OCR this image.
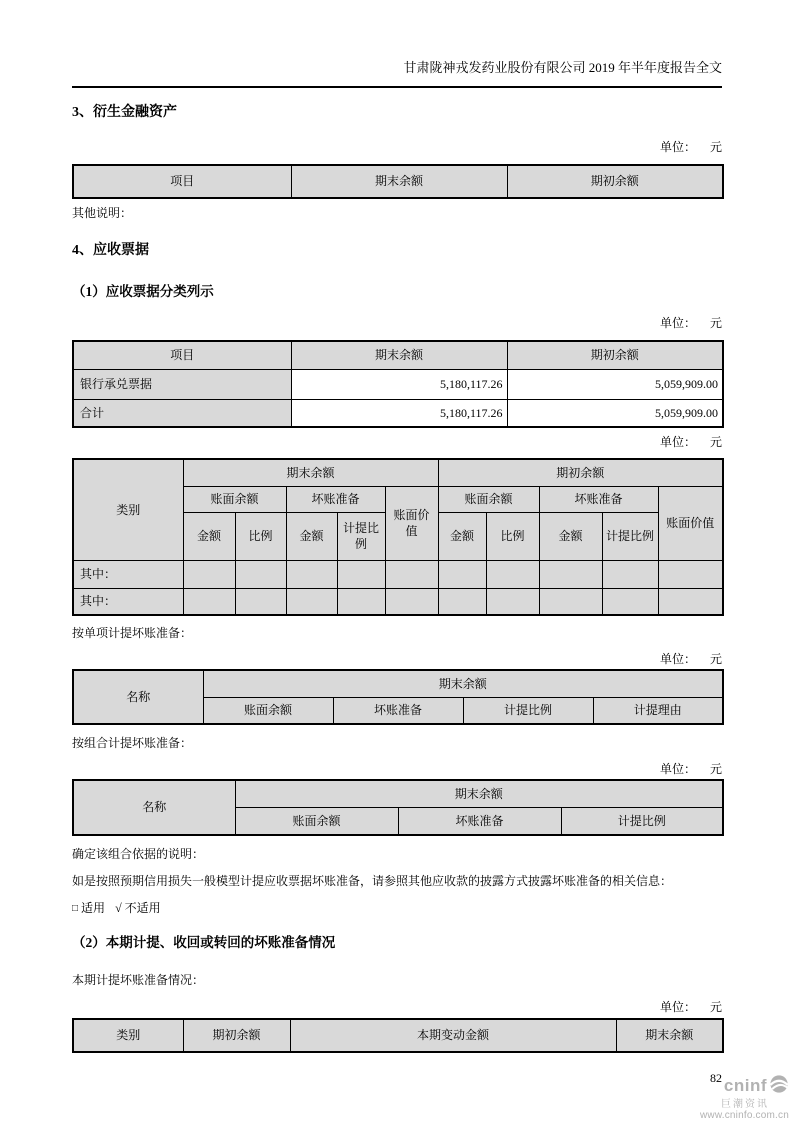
甘肃陇神戎发药业股份有限公司 2019 年半年度报告全文
3、衍生金融资产
单位： 元
项目	期末余额	期初余额
其他说明：
4、应收票据
（1）应收票据分类列示
单位： 元
项目	期末余额	期初余额
银行承兑票据	5,180,117.26	5,059,909.00
合计	5,180,117.26	5,059,909.00
单位： 元
类别	期末余额					期初余额				
	账面余额		坏账准备		账面价值	账面余额		坏账准备		账面价值
	金额	比例	金额	计提比例		金额	比例	金额	计提比例	
其中：										
其中：										
按单项计提坏账准备：
单位： 元
名称	期末余额			
	账面余额	坏账准备	计提比例	计提理由
按组合计提坏账准备：
单位： 元
名称	期末余额		
	账面余额	坏账准备	计提比例
确定该组合依据的说明：
如是按照预期信用损失一般模型计提应收票据坏账准备，请参照其他应收款的披露方式披露坏账准备的相关信息：
□ 适用 √ 不适用
（2）本期计提、收回或转回的坏账准备情况
本期计提坏账准备情况：
单位： 元
类别	期初余额	本期变动金额	期末余额
82 cninf
巨潮资讯
www.cninfo.com.cn
